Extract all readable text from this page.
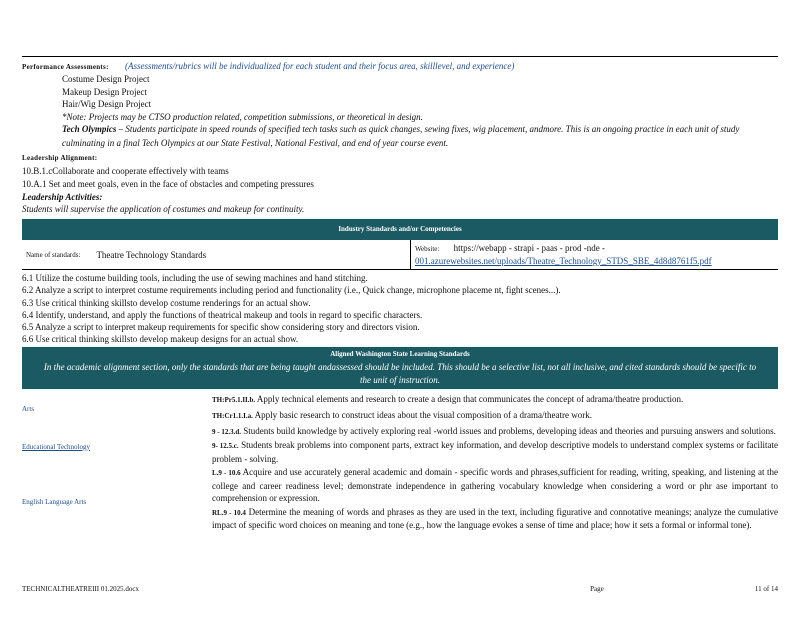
Performance Assessments: (Assessments/rubrics will be individualized for each student and their focus area, skilllevel, and experience)
Costume Design Project
Makeup Design Project
Hair/Wig Design Project
*Note: Projects may be CTSO production related, competition submissions, or theoretical in design.
Tech Olympics – Students participate in speed rounds of specified tech tasks such as quick changes, sewing fixes, wig placement, andmore. This is an ongoing practice in each unit of study culminating in a final Tech Olympics at our State Festival, National Festival, and end of year course event.
Leadership Alignment:
10.B.1.cCollaborate and cooperate effectively with teams
10.A.1 Set and meet goals, even in the face of obstacles and competing pressures
Leadership Activities:
Students will supervise the application of costumes and makeup for continuity.
Industry Standards and/or Competencies
Name of standards: Theatre Technology Standards
Website: https://webapp - strapi - paas - prod -nde -
001.azurewebsites.net/uploads/Theatre_Technology_STDS_SBE_4d8d8761f5.pdf
6.1 Utilize the costume building tools, including the use of sewing machines and hand stitching.
6.2 Analyze a script to interpret costume requirements including period and functionality (i.e., Quick change, microphone placeme nt, fight scenes...).
6.3 Use critical thinking skillsto develop costume renderings for an actual show.
6.4 Identify, understand, and apply the functions of theatrical makeup and tools in regard to specific characters.
6.5 Analyze a script to interpret makeup requirements for specific show considering story and directors vision.
6.6 Use critical thinking skillsto develop makeup designs for an actual show.
Aligned Washington State Learning Standards
In the academic alignment section, only the standards that are being taught andassessed should be included. This should be a selective list, not all inclusive, and cited standards should be specific to the unit of instruction.
Arts
TH:Pr5.1.II.b. Apply technical elements and research to create a design that communicates the concept of adrama/theatre production.
TH:Cr1.1.I.a. Apply basic research to construct ideas about the visual composition of a drama/theatre work.
Educational Technology
9 - 12.3.d. Students build knowledge by actively exploring real -world issues and problems, developing ideas and theories and pursuing answers and solutions.
9- 12.5.c. Students break problems into component parts, extract key information, and develop descriptive models to understand complex systems or facilitate problem - solving.
English Language Arts
L.9 - 10.6 Acquire and use accurately general academic and domain - specific words and phrases,sufficient for reading, writing, speaking, and listening at the college and career readiness level; demonstrate independence in gathering vocabulary knowledge when considering a word or phr ase important to comprehension or expression.
RL.9 - 10.4 Determine the meaning of words and phrases as they are used in the text, including figurative and connotative meanings; analyze the cumulative impact of specific word choices on meaning and tone (e.g., how the language evokes a sense of time and place; how it sets a formal or informal tone).
TECHNICALTHEATREIII 01.2025.docx	Page	11 of 14
